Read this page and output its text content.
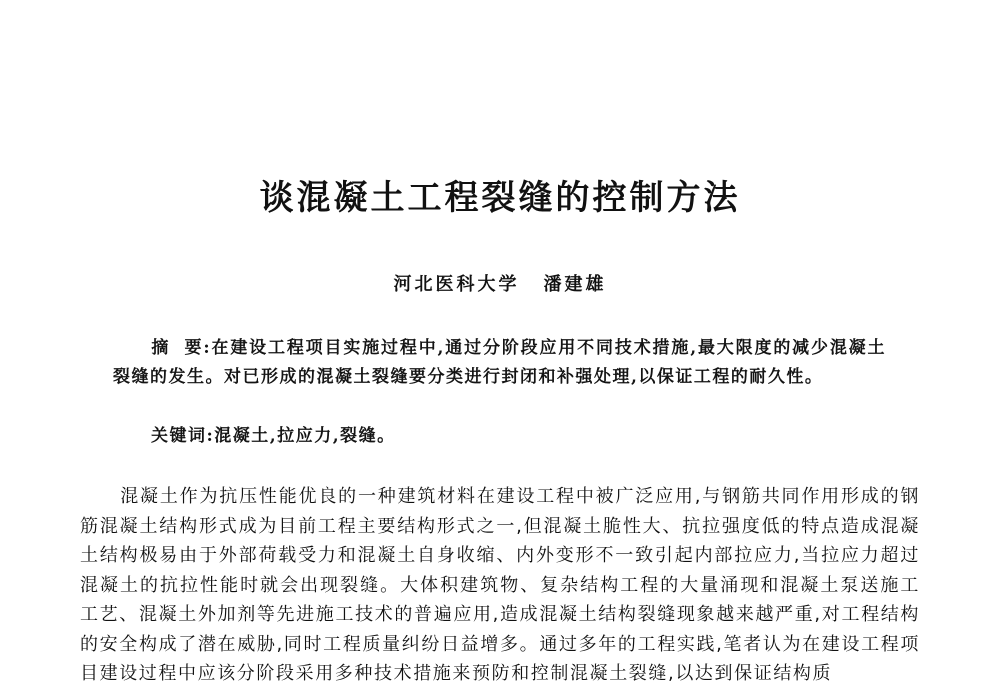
谈混凝土工程裂缝的控制方法
河北医科大学 潘建雄

摘 要:在建设工程项目实施过程中,通过分阶段应用不同技术措施,最大限度的减少混凝土裂缝的发生。对已形成的混凝土裂缝要分类进行封闭和补强处理,以保证工程的耐久性。

关键词:混凝土,拉应力,裂缝。

混凝土作为抗压性能优良的一种建筑材料在建设工程中被广泛应用,与钢筋共同作用形成的钢筋混凝土结构形式成为目前工程主要结构形式之一,但混凝土脆性大、抗拉强度低的特点造成混凝土结构极易由于外部荷载受力和混凝土自身收缩、内外变形不一致引起内部拉应力,当拉应力超过混凝土的抗拉性能时就会出现裂缝。大体积建筑物、复杂结构工程的大量涌现和混凝土泵送施工工艺、混凝土外加剂等先进施工技术的普遍应用,造成混凝土结构裂缝现象越来越严重,对工程结构的安全构成了潜在威胁,同时工程质量纠纷日益增多。通过多年的工程实践,笔者认为在建设工程项目建设过程中应该分阶段采用多种技术措施来预防和控制混凝土裂缝,以达到保证结构质
